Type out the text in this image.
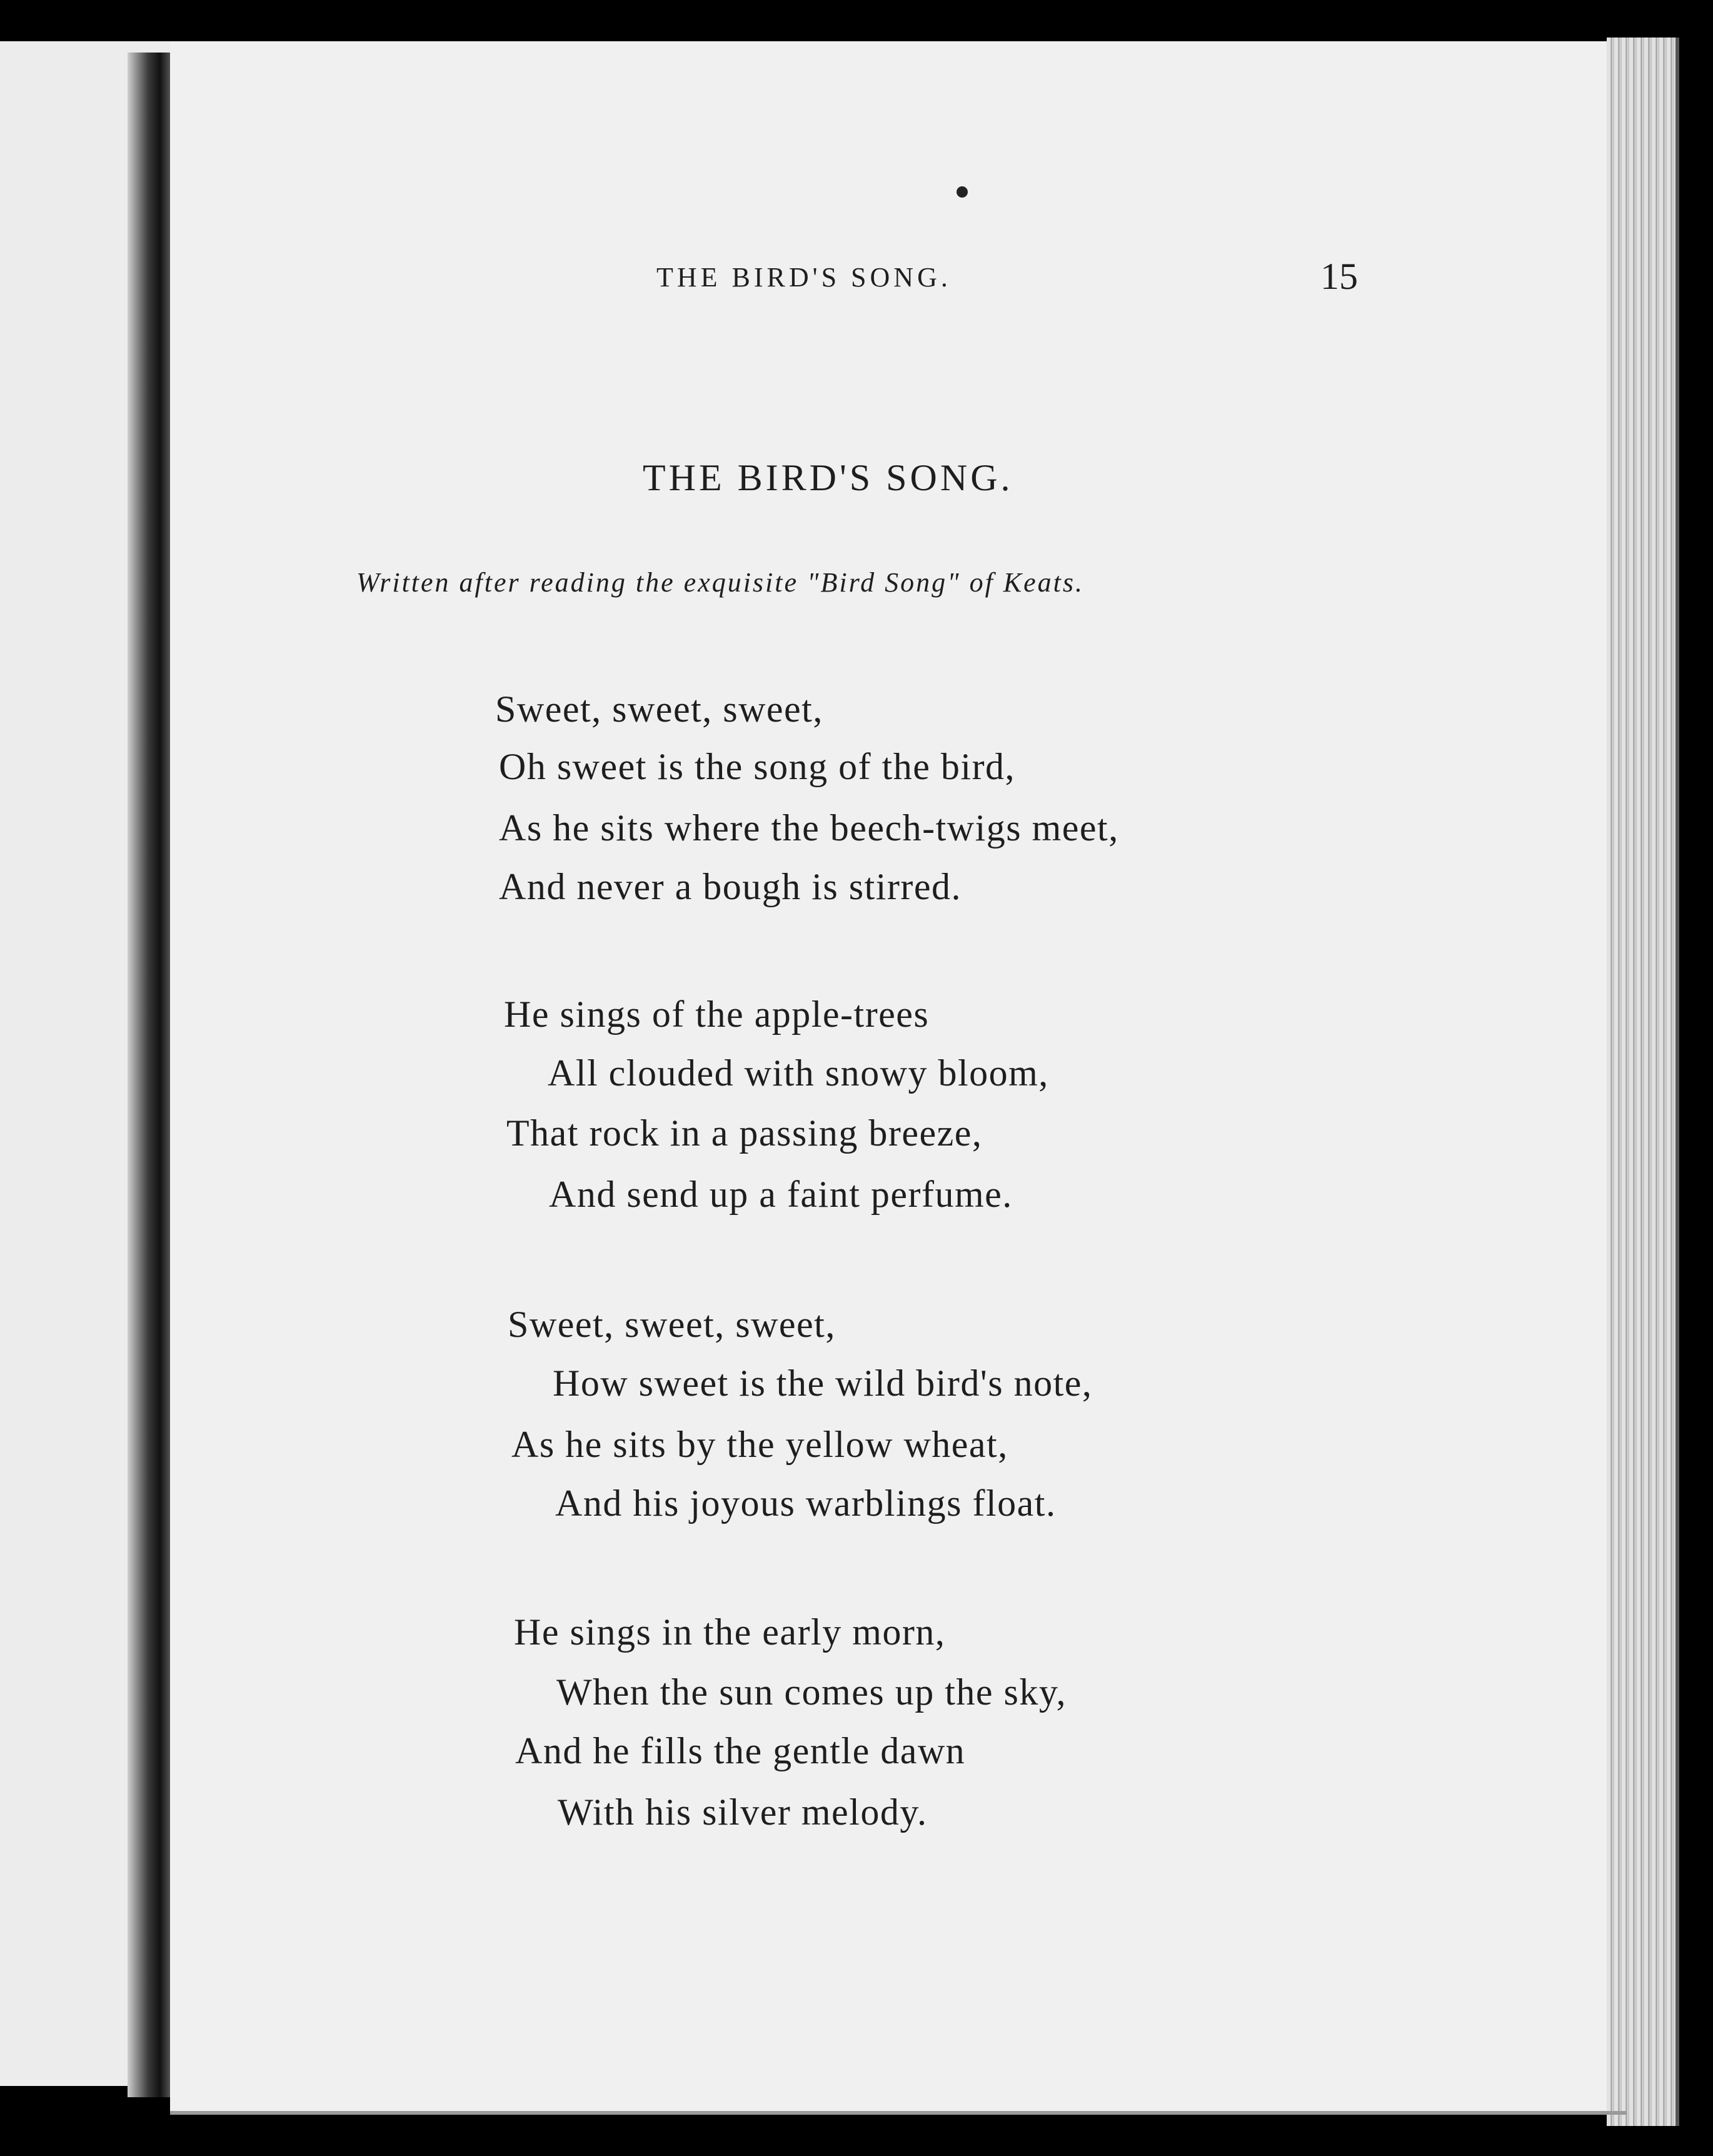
THE BIRD'S SONG.	15
THE BIRD'S SONG.
Written after reading the exquisite "Bird Song" of Keats.
Sweet, sweet, sweet,
Oh sweet is the song of the bird,
As he sits where the beech-twigs meet,
And never a bough is stirred.
He sings of the apple-trees
All clouded with snowy bloom,
That rock in a passing breeze,
And send up a faint perfume.
Sweet, sweet, sweet,
How sweet is the wild bird's note,
As he sits by the yellow wheat,
And his joyous warblings float.
He sings in the early morn,
When the sun comes up the sky,
And he fills the gentle dawn
With his silver melody.
